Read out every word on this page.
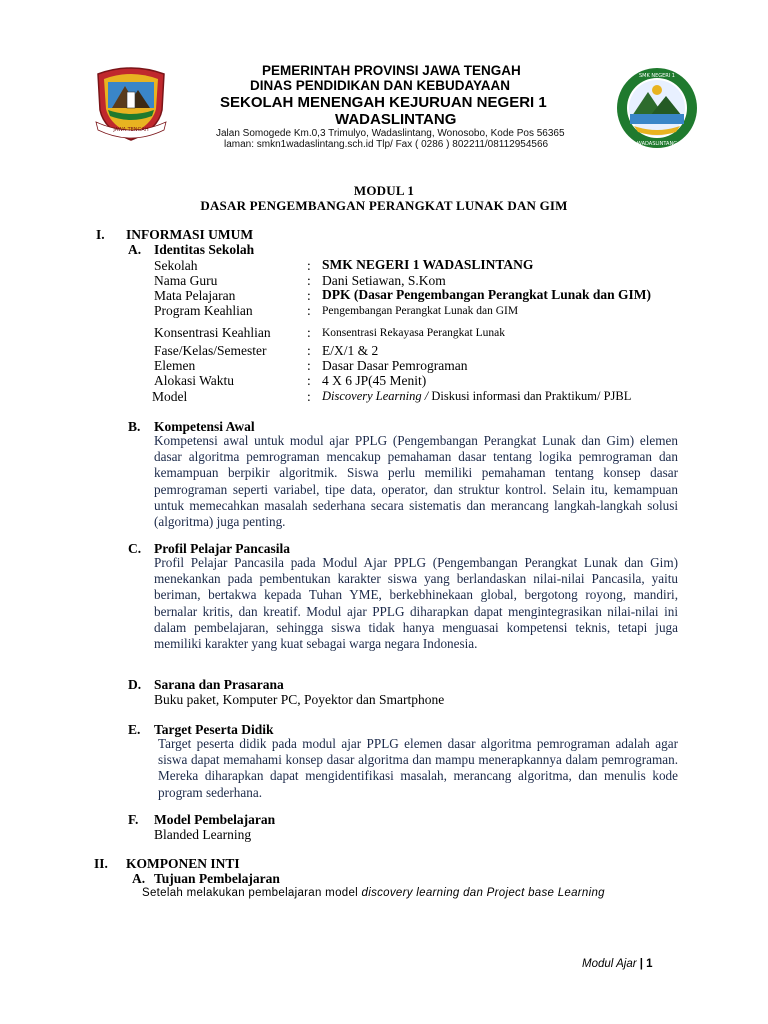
JAWA TENGAH
PEMERINTAH PROVINSI JAWA TENGAH
DINAS PENDIDIKAN DAN KEBUDAYAAN
SEKOLAH MENENGAH KEJURUAN NEGERI 1
WADASLINTANG
Jalan Somogede Km.0,3 Trimulyo, Wadaslintang, Wonosobo, Kode Pos 56365
laman: smkn1wadaslintang.sch.id Tlp/ Fax ( 0286 ) 802211/08112954566
SMK NEGERI 1
WADASLINTANG
MODUL 1
DASAR PENGEMBANGAN PERANGKAT LUNAK DAN GIM
I. INFORMASI UMUM
A. Identitas Sekolah
Sekolah	: SMK NEGERI 1 WADASLINTANG
Nama Guru	: Dani Setiawan, S.Kom
Mata Pelajaran	: DPK (Dasar Pengembangan Perangkat Lunak dan GIM)
Program Keahlian	: Pengembangan Perangkat Lunak dan GIM
Konsentrasi Keahlian	: Konsentrasi Rekayasa Perangkat Lunak
Fase/Kelas/Semester	: E/X/1 & 2
Elemen	: Dasar Dasar Pemrograman
Alokasi Waktu	: 4 X 6 JP(45 Menit)
Model	: Discovery Learning / Diskusi informasi dan Praktikum/ PJBL
B. Kompetensi Awal
Kompetensi awal untuk modul ajar PPLG (Pengembangan Perangkat Lunak dan Gim) elemen dasar algoritma pemrograman mencakup pemahaman dasar tentang logika pemrograman dan kemampuan berpikir algoritmik. Siswa perlu memiliki pemahaman tentang konsep dasar pemrograman seperti variabel, tipe data, operator, dan struktur kontrol. Selain itu, kemampuan untuk memecahkan masalah sederhana secara sistematis dan merancang langkah-langkah solusi (algoritma) juga penting.
C. Profil Pelajar Pancasila
Profil Pelajar Pancasila pada Modul Ajar PPLG (Pengembangan Perangkat Lunak dan Gim) menekankan pada pembentukan karakter siswa yang berlandaskan nilai-nilai Pancasila, yaitu beriman, bertakwa kepada Tuhan YME, berkebhinekaan global, bergotong royong, mandiri, bernalar kritis, dan kreatif. Modul ajar PPLG diharapkan dapat mengintegrasikan nilai-nilai ini dalam pembelajaran, sehingga siswa tidak hanya menguasai kompetensi teknis, tetapi juga memiliki karakter yang kuat sebagai warga negara Indonesia.
D. Sarana dan Prasarana
Buku paket, Komputer PC, Poyektor dan Smartphone
E. Target Peserta Didik
Target peserta didik pada modul ajar PPLG elemen dasar algoritma pemrograman adalah agar siswa dapat memahami konsep dasar algoritma dan mampu menerapkannya dalam pemrograman. Mereka diharapkan dapat mengidentifikasi masalah, merancang algoritma, dan menulis kode program sederhana.
F. Model Pembelajaran
Blanded Learning
II. KOMPONEN INTI
A. Tujuan Pembelajaran
Setelah melakukan pembelajaran model discovery learning dan Project base Learning
Modul Ajar | 1
